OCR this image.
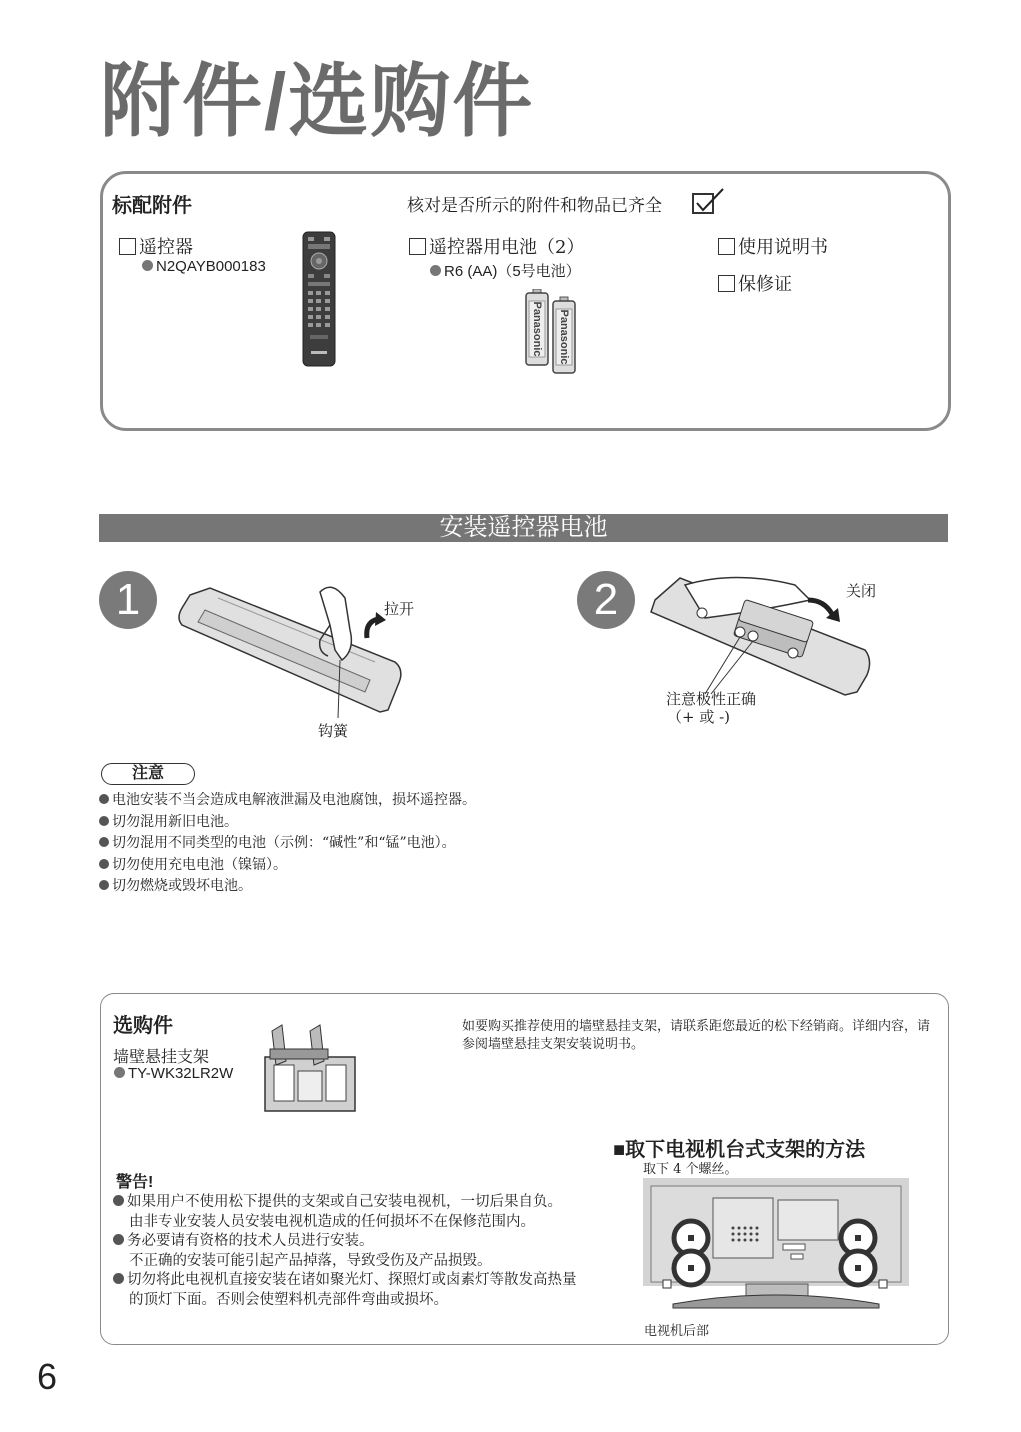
附件/选购件
标配附件	核对是否所示的附件和物品已齐全
遥控器
N2QAYB000183
遥控器用电池（2）
R6 (AA)（5号电池）
Panasonic Panasonic
使用说明书
保修证
安装遥控器电池
1	拉开
钩簧
2	关闭
注意极性正确
（+ 或 -)
注意
电池安装不当会造成电解液泄漏及电池腐蚀，损坏遥控器。
切勿混用新旧电池。
切勿混用不同类型的电池（示例：“碱性”和“锰”电池）。
切勿使用充电电池（镍镉）。
切勿燃烧或毁坏电池。
选购件
墙壁悬挂支架
TY-WK32LR2W
如要购买推荐使用的墙壁悬挂支架，请联系距您最近的松下经销商。详细内容，请参阅墙壁悬挂支架安装说明书。
警告!
如果用户不使用松下提供的支架或自己安装电视机，一切后果自负。
由非专业安装人员安装电视机造成的任何损坏不在保修范围内。
务必要请有资格的技术人员进行安装。
不正确的安装可能引起产品掉落，导致受伤及产品损毁。
切勿将此电视机直接安装在诸如聚光灯、探照灯或卤素灯等散发高热量的顶灯下面。否则会使塑料机壳部件弯曲或损坏。
■取下电视机台式支架的方法
取下 4 个螺丝。
电视机后部
6
